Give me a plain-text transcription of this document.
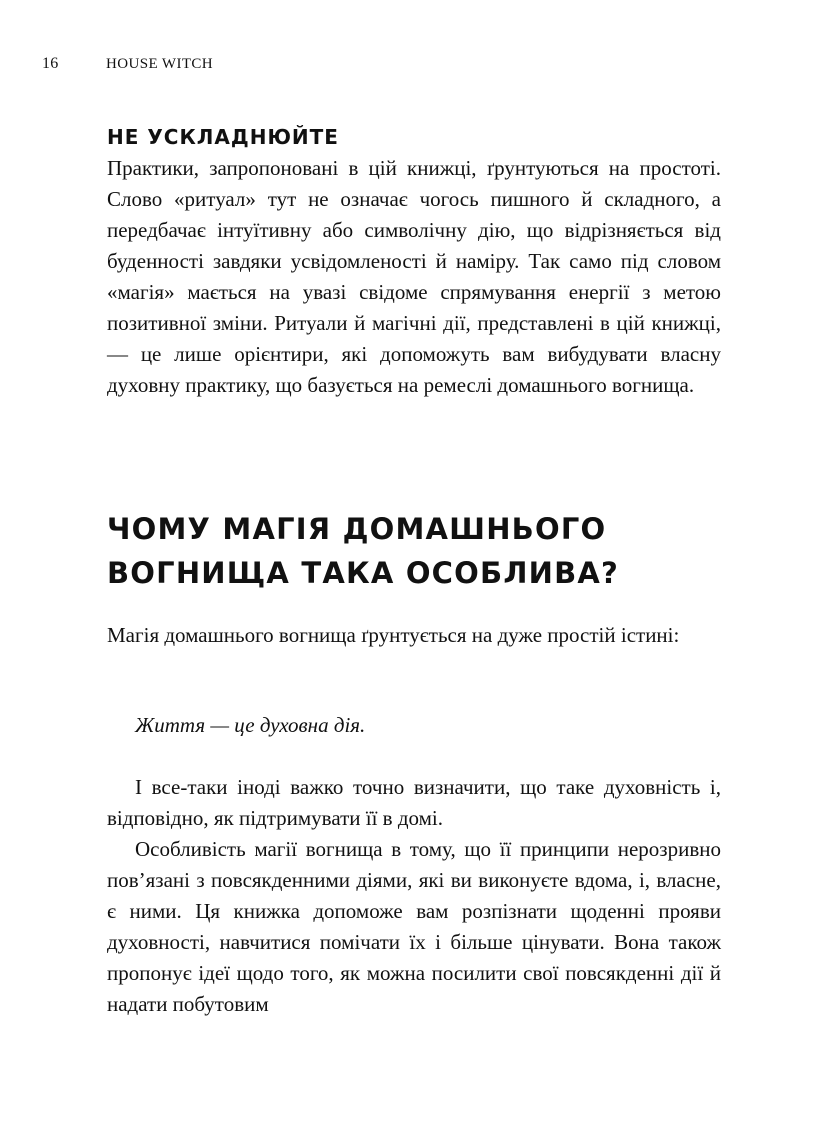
16	HOUSE WITCH
НЕ УСКЛАДНЮЙТЕ

Практики, запропоновані в цій книжці, ґрунтуються на простоті. Слово «ритуал» тут не означає чогось пишного й складного, а передбачає інтуїтивну або символічну дію, що відрізняється від буденності завдяки усвідомленості й наміру. Так само під словом «магія» мається на увазі свідоме спрямування енергії з метою позитивної зміни. Ритуали й магічні дії, представлені в цій книжці, — це лише орієнтири, які допоможуть вам вибудувати власну духовну практику, що базується на ремеслі домашнього вогнища.

ЧОМУ МАГІЯ ДОМАШНЬОГО ВОГНИЩА ТАКА ОСОБЛИВА?

Магія домашнього вогнища ґрунтується на дуже простій істині:

Життя — це духовна дія.

І все-таки іноді важко точно визначити, що таке духовність і, відповідно, як підтримувати її в домі.

Особливість магії вогнища в тому, що її принципи нерозривно пов’язані з повсякденними діями, які ви виконуєте вдома, і, власне, є ними. Ця книжка допоможе вам розпізнати щоденні прояви духовності, навчитися помічати їх і більше цінувати. Вона також пропонує ідеї щодо того, як можна посилити свої повсякденні дії й надати побутовим
